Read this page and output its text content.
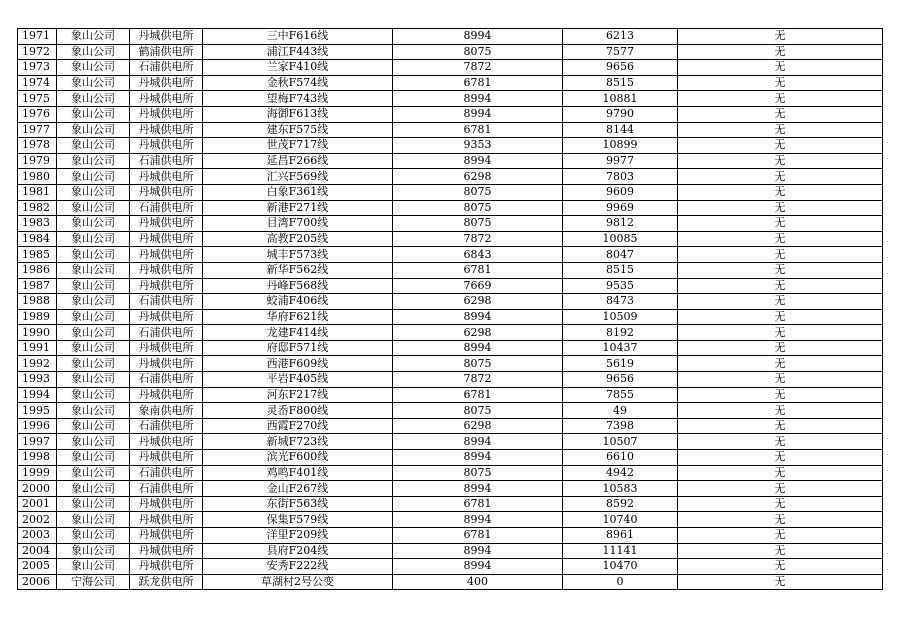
1971	象山公司	丹城供电所	三中F616线	8994	6213	无
1972	象山公司	鹤浦供电所	浦江F443线	8075	7577	无
1973	象山公司	石浦供电所	兰家F410线	7872	9656	无
1974	象山公司	丹城供电所	金秋F574线	6781	8515	无
1975	象山公司	丹城供电所	望梅F743线	8994	10881	无
1976	象山公司	丹城供电所	海御F613线	8994	9790	无
1977	象山公司	丹城供电所	建东F575线	6781	8144	无
1978	象山公司	丹城供电所	世茂F717线	9353	10899	无
1979	象山公司	石浦供电所	延昌F266线	8994	9977	无
1980	象山公司	丹城供电所	汇兴F569线	6298	7803	无
1981	象山公司	丹城供电所	白象F361线	8075	9609	无
1982	象山公司	石浦供电所	新港F271线	8075	9969	无
1983	象山公司	丹城供电所	目湾F700线	8075	9812	无
1984	象山公司	丹城供电所	高教F205线	7872	10085	无
1985	象山公司	丹城供电所	城丰F573线	6843	8047	无
1986	象山公司	丹城供电所	新华F562线	6781	8515	无
1987	象山公司	丹城供电所	丹峰F568线	7669	9535	无
1988	象山公司	石浦供电所	蛟浦F406线	6298	8473	无
1989	象山公司	丹城供电所	华府F621线	8994	10509	无
1990	象山公司	石浦供电所	龙建F414线	6298	8192	无
1991	象山公司	丹城供电所	府邸F571线	8994	10437	无
1992	象山公司	丹城供电所	西港F609线	8075	5619	无
1993	象山公司	石浦供电所	平岩F405线	7872	9656	无
1994	象山公司	丹城供电所	河东F217线	6781	7855	无
1995	象山公司	象南供电所	灵岙F800线	8075	49	无
1996	象山公司	石浦供电所	西霞F270线	6298	7398	无
1997	象山公司	丹城供电所	新城F723线	8994	10507	无
1998	象山公司	丹城供电所	滨光F600线	8994	6610	无
1999	象山公司	石浦供电所	鸡鸣F401线	8075	4942	无
2000	象山公司	石浦供电所	金山F267线	8994	10583	无
2001	象山公司	丹城供电所	东街F563线	6781	8592	无
2002	象山公司	丹城供电所	保集F579线	8994	10740	无
2003	象山公司	丹城供电所	洋里F209线	6781	8961	无
2004	象山公司	丹城供电所	县府F204线	8994	11141	无
2005	象山公司	丹城供电所	安秀F222线	8994	10470	无
2006	宁海公司	跃龙供电所	草湖村2号公变	400	0	无
